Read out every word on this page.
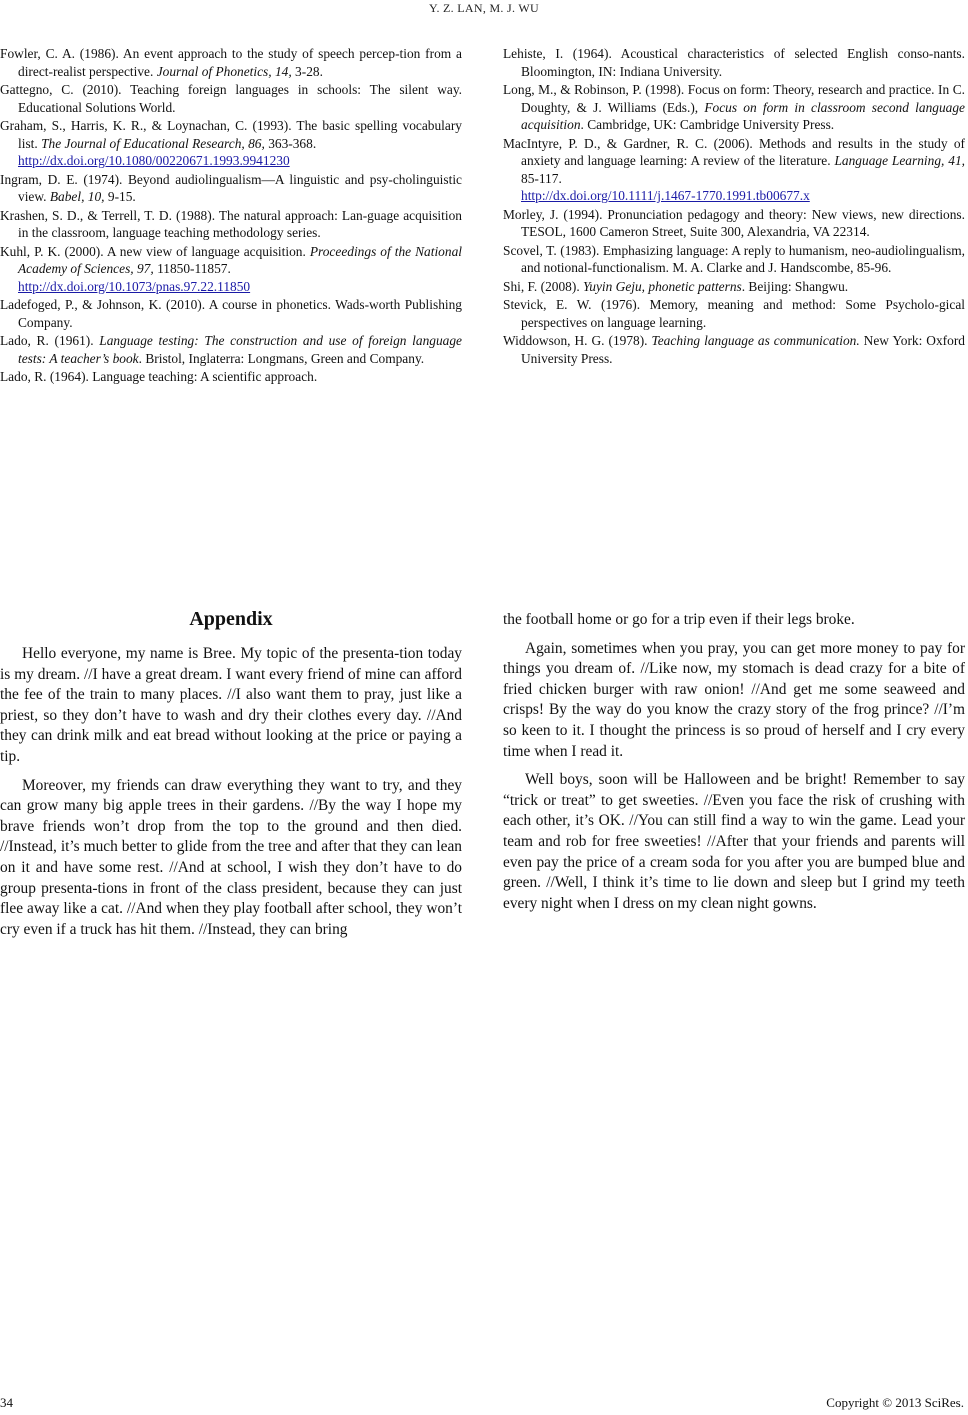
Y. Z. LAN, M. J. WU

Fowler, C. A. (1986). An event approach to the study of speech percep-tion from a direct-realist perspective. Journal of Phonetics, 14, 3-28.

Gattegno, C. (2010). Teaching foreign languages in schools: The silent way. Educational Solutions World.

Graham, S., Harris, K. R., & Loynachan, C. (1993). The basic spelling vocabulary list. The Journal of Educational Research, 86, 363-368.
http://dx.doi.org/10.1080/00220671.1993.9941230

Ingram, D. E. (1974). Beyond audiolingualism—A linguistic and psy-cholinguistic view. Babel, 10, 9-15.

Krashen, S. D., & Terrell, T. D. (1988). The natural approach: Lan-guage acquisition in the classroom, language teaching methodology series.

Kuhl, P. K. (2000). A new view of language acquisition. Proceedings of the National Academy of Sciences, 97, 11850-11857.
http://dx.doi.org/10.1073/pnas.97.22.11850

Ladefoged, P., & Johnson, K. (2010). A course in phonetics. Wads-worth Publishing Company.

Lado, R. (1961). Language testing: The construction and use of foreign language tests: A teacher’s book. Bristol, Inglaterra: Longmans, Green and Company.

Lado, R. (1964). Language teaching: A scientific approach.

Lehiste, I. (1964). Acoustical characteristics of selected English conso-nants. Bloomington, IN: Indiana University.

Long, M., & Robinson, P. (1998). Focus on form: Theory, research and practice. In C. Doughty, & J. Williams (Eds.), Focus on form in classroom second language acquisition. Cambridge, UK: Cambridge University Press.

MacIntyre, P. D., & Gardner, R. C. (2006). Methods and results in the study of anxiety and language learning: A review of the literature. Language Learning, 41, 85-117.
http://dx.doi.org/10.1111/j.1467-1770.1991.tb00677.x

Morley, J. (1994). Pronunciation pedagogy and theory: New views, new directions. TESOL, 1600 Cameron Street, Suite 300, Alexandria, VA 22314.

Scovel, T. (1983). Emphasizing language: A reply to humanism, neo-audiolingualism, and notional-functionalism. M. A. Clarke and J. Handscombe, 85-96.

Shi, F. (2008). Yuyin Geju, phonetic patterns. Beijing: Shangwu.

Stevick, E. W. (1976). Memory, meaning and method: Some Psycholo-gical perspectives on language learning.

Widdowson, H. G. (1978). Teaching language as communication. New York: Oxford University Press.

Appendix

Hello everyone, my name is Bree. My topic of the presenta-tion today is my dream. //I have a great dream. I want every friend of mine can afford the fee of the train to many places. //I also want them to pray, just like a priest, so they don’t have to wash and dry their clothes every day. //And they can drink milk and eat bread without looking at the price or paying a tip.

Moreover, my friends can draw everything they want to try, and they can grow many big apple trees in their gardens. //By the way I hope my brave friends won’t drop from the top to the ground and then died. //Instead, it’s much better to glide from the tree and after that they can lean on it and have some rest. //And at school, I wish they don’t have to do group presenta-tions in front of the class president, because they can just flee away like a cat. //And when they play football after school, they won’t cry even if a truck has hit them. //Instead, they can bring

the football home or go for a trip even if their legs broke.

Again, sometimes when you pray, you can get more money to pay for things you dream of. //Like now, my stomach is dead crazy for a bite of fried chicken burger with raw onion! //And get me some seaweed and crisps! By the way do you know the crazy story of the frog prince? //I’m so keen to it. I thought the princess is so proud of herself and I cry every time when I read it.

Well boys, soon will be Halloween and be bright! Remember to say “trick or treat” to get sweeties. //Even you face the risk of crushing with each other, it’s OK. //You can still find a way to win the game. Lead your team and rob for free sweeties! //After that your friends and parents will even pay the price of a cream soda for you after you are bumped blue and green. //Well, I think it’s time to lie down and sleep but I grind my teeth every night when I dress on my clean night gowns.

34	Copyright © 2013 SciRes.
